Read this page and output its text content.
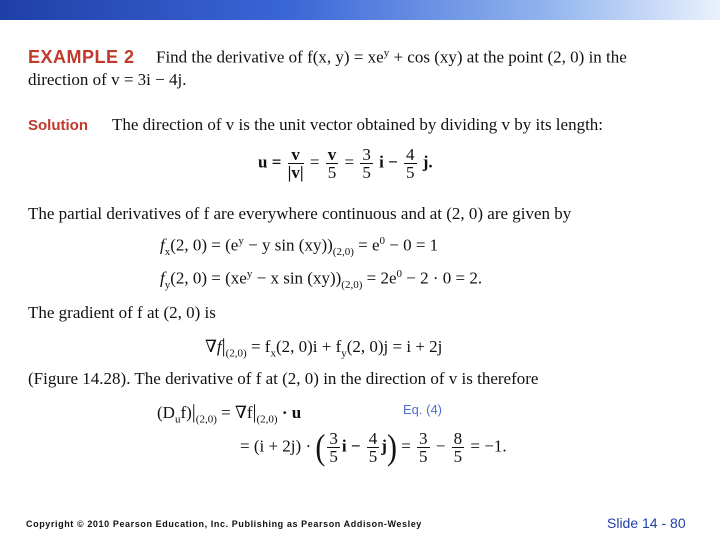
EXAMPLE 2 Find the derivative of f(x, $y) = xe^y + \cos (xy)$ at the point (2, 0) in the
direction of v = 3i − 4j.
Solution The direction of v is the unit vector obtained by dividing v by its length:
$u = \frac{v}{|v|} = \frac{v}{5} = \frac{3}{5}$ $i - \frac{4}{5} j$.
The partial derivatives of f are everywhere continuous and at (2, 0) are given by
$f_x(2$, $0) = (e^y - y$ $\sin (xy))_{(2,0)} = e^0 - 0 = 1$
$f_y(2$, $0) = (xe^y - x$ $\sin (xy))_{(2,0)} = 2e^0 - 2 \cdot 0 = 2$.
The gradient of f at (2, 0) is
$\nabla f|_{(2,0)} = f_x(2$, $0)i + f_y(2$, 0)j = i + 2j
(Figure 14.28). The derivative of f at (2, 0) in the direction of v is therefore
$(D_uf)|_{(2,0)} = \nabla f|_{(2,0)} \cdot u$	Eq. (4)
= (i + 2j) · ( $\frac{3}{5}$ $i - \frac{4}{5} j) = \frac{3}{5} - \frac{8}{5} = -1$.
Copyright © 2010 Pearson Education, Inc. Publishing as Pearson Addison-Wesley	Slide 14 - 80
